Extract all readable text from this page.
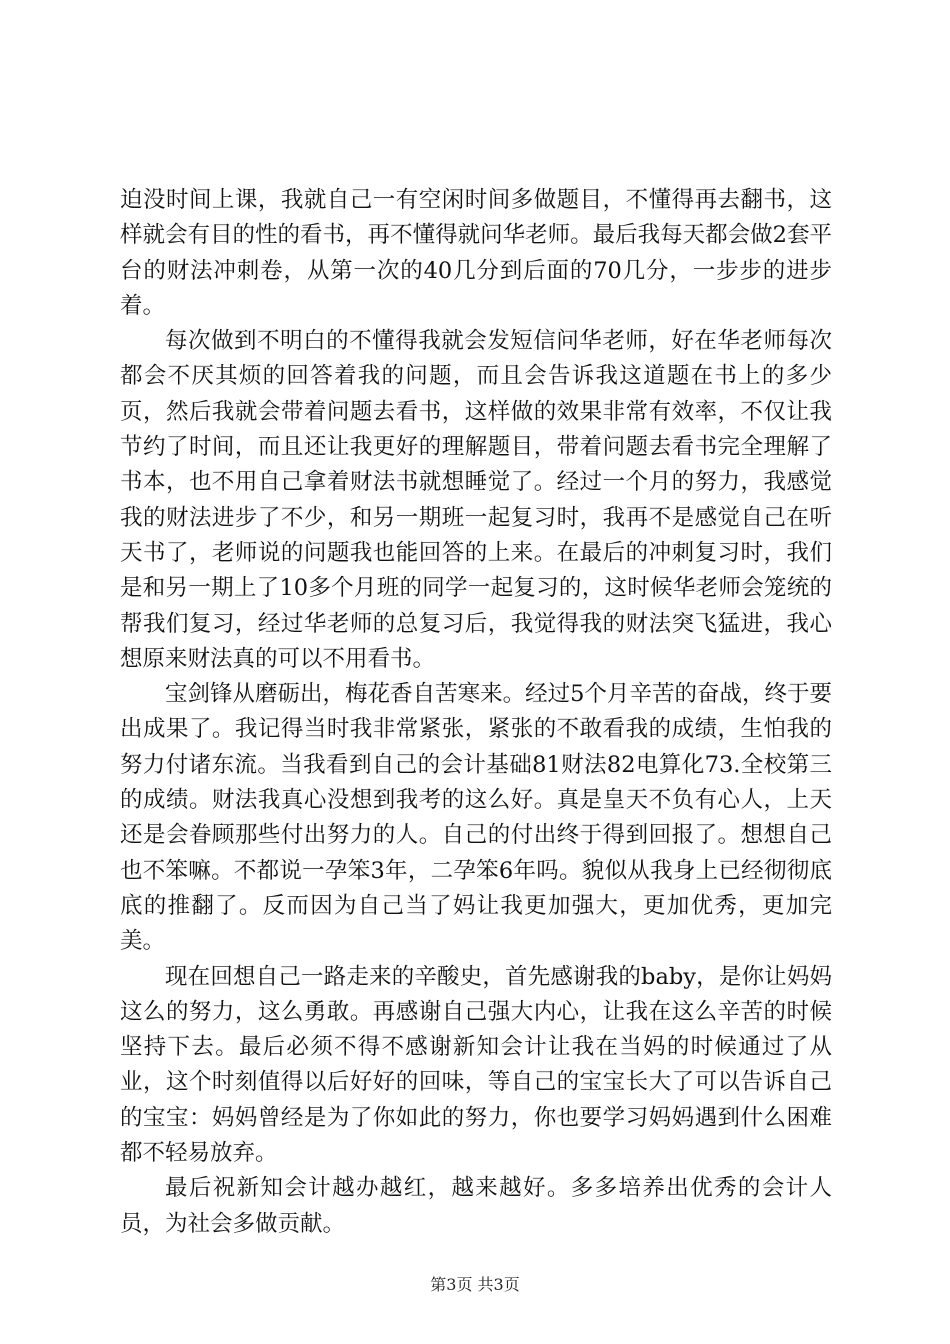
迫没时间上课，我就自己一有空闲时间多做题目，不懂得再去翻书，这样就会有目的性的看书，再不懂得就问华老师。最后我每天都会做2套平台的财法冲刺卷，从第一次的40几分到后面的70几分，一步步的进步着。

每次做到不明白的不懂得我就会发短信问华老师，好在华老师每次都会不厌其烦的回答着我的问题，而且会告诉我这道题在书上的多少页，然后我就会带着问题去看书，这样做的效果非常有效率，不仅让我节约了时间，而且还让我更好的理解题目，带着问题去看书完全理解了书本，也不用自己拿着财法书就想睡觉了。经过一个月的努力，我感觉我的财法进步了不少，和另一期班一起复习时，我再不是感觉自己在听天书了，老师说的问题我也能回答的上来。在最后的冲刺复习时，我们是和另一期上了10多个月班的同学一起复习的，这时候华老师会笼统的帮我们复习，经过华老师的总复习后，我觉得我的财法突飞猛进，我心想原来财法真的可以不用看书。

宝剑锋从磨砺出，梅花香自苦寒来。经过5个月辛苦的奋战，终于要出成果了。我记得当时我非常紧张，紧张的不敢看我的成绩，生怕我的努力付诸东流。当我看到自己的会计基础81财法82电算化73.全校第三的成绩。财法我真心没想到我考的这么好。真是皇天不负有心人，上天还是会眷顾那些付出努力的人。自己的付出终于得到回报了。想想自己也不笨嘛。不都说一孕笨3年，二孕笨6年吗。貌似从我身上已经彻彻底底的推翻了。反而因为自己当了妈让我更加强大，更加优秀，更加完美。

现在回想自己一路走来的辛酸史，首先感谢我的baby，是你让妈妈这么的努力，这么勇敢。再感谢自己强大内心，让我在这么辛苦的时候坚持下去。最后必须不得不感谢新知会计让我在当妈的时候通过了从业，这个时刻值得以后好好的回味，等自己的宝宝长大了可以告诉自己的宝宝：妈妈曾经是为了你如此的努力，你也要学习妈妈遇到什么困难都不轻易放弃。

最后祝新知会计越办越红，越来越好。多多培养出优秀的会计人员，为社会多做贡献。

第3页 共3页
